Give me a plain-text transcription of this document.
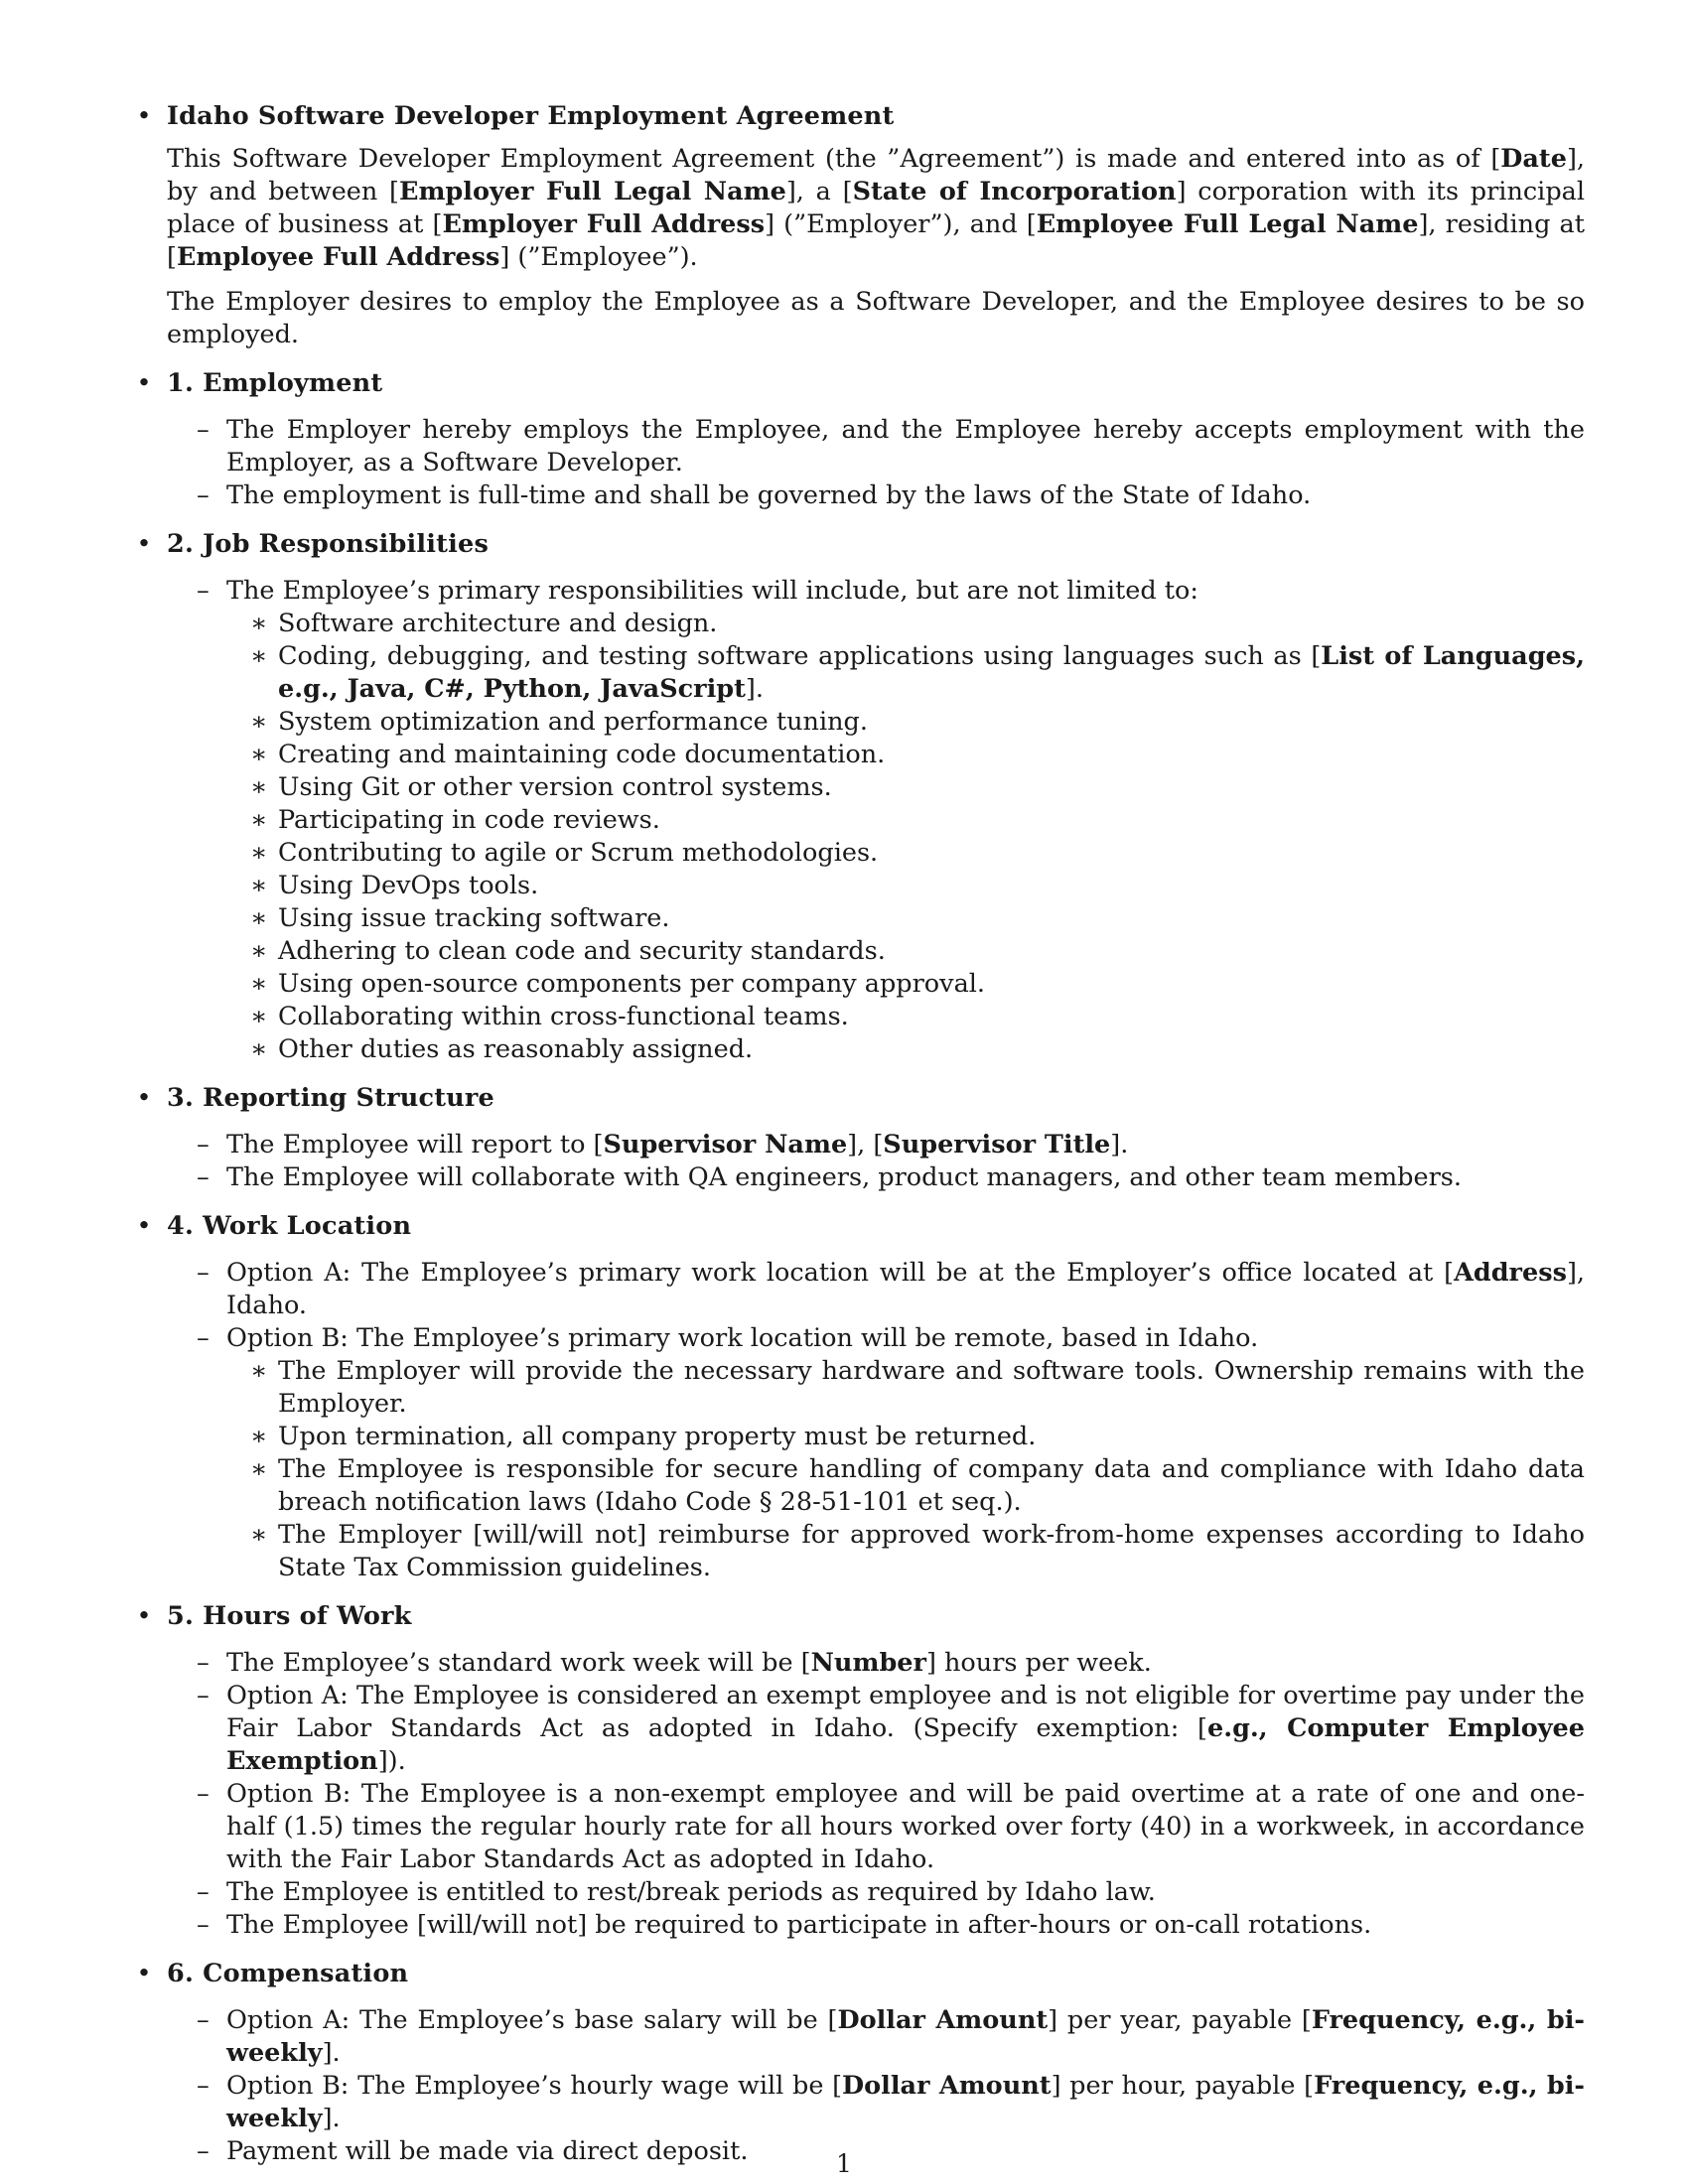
• Idaho Software Developer Employment Agreement
This Software Developer Employment Agreement (the ”Agreement”) is made and entered into as of [Date], by and between [Employer Full Legal Name], a [State of Incorporation] corporation with its principal place of business at [Employer Full Address] (”Employer”), and [Employee Full Legal Name], residing at [Employee Full Address] (”Employee”).
The Employer desires to employ the Employee as a Software Developer, and the Employee desires to be so employed.
• 1. Employment
– The Employer hereby employs the Employee, and the Employee hereby accepts employment with the Employer, as a Software Developer.
– The employment is full-time and shall be governed by the laws of the State of Idaho.
• 2. Job Responsibilities
– The Employee’s primary responsibilities will include, but are not limited to:
∗ Software architecture and design.
∗ Coding, debugging, and testing software applications using languages such as [List of Languages, e.g., Java, C#, Python, JavaScript].
∗ System optimization and performance tuning.
∗ Creating and maintaining code documentation.
∗ Using Git or other version control systems.
∗ Participating in code reviews.
∗ Contributing to agile or Scrum methodologies.
∗ Using DevOps tools.
∗ Using issue tracking software.
∗ Adhering to clean code and security standards.
∗ Using open-source components per company approval.
∗ Collaborating within cross-functional teams.
∗ Other duties as reasonably assigned.
• 3. Reporting Structure
– The Employee will report to [Supervisor Name], [Supervisor Title].
– The Employee will collaborate with QA engineers, product managers, and other team members.
• 4. Work Location
– Option A: The Employee’s primary work location will be at the Employer’s office located at [Address], Idaho.
– Option B: The Employee’s primary work location will be remote, based in Idaho.
∗ The Employer will provide the necessary hardware and software tools. Ownership remains with the Employer.
∗ Upon termination, all company property must be returned.
∗ The Employee is responsible for secure handling of company data and compliance with Idaho data breach notification laws (Idaho Code § 28-51-101 et seq.).
∗ The Employer [will/will not] reimburse for approved work-from-home expenses according to Idaho State Tax Commission guidelines.
• 5. Hours of Work
– The Employee’s standard work week will be [Number] hours per week.
– Option A: The Employee is considered an exempt employee and is not eligible for overtime pay under the Fair Labor Standards Act as adopted in Idaho. (Specify exemption: [e.g., Computer Employee Exemption]).
– Option B: The Employee is a non-exempt employee and will be paid overtime at a rate of one and one-half (1.5) times the regular hourly rate for all hours worked over forty (40) in a workweek, in accordance with the Fair Labor Standards Act as adopted in Idaho.
– The Employee is entitled to rest/break periods as required by Idaho law.
– The Employee [will/will not] be required to participate in after-hours or on-call rotations.
• 6. Compensation
– Option A: The Employee’s base salary will be [Dollar Amount] per year, payable [Frequency, e.g., bi-weekly].
– Option B: The Employee’s hourly wage will be [Dollar Amount] per hour, payable [Frequency, e.g., bi-weekly].
– Payment will be made via direct deposit.	1
